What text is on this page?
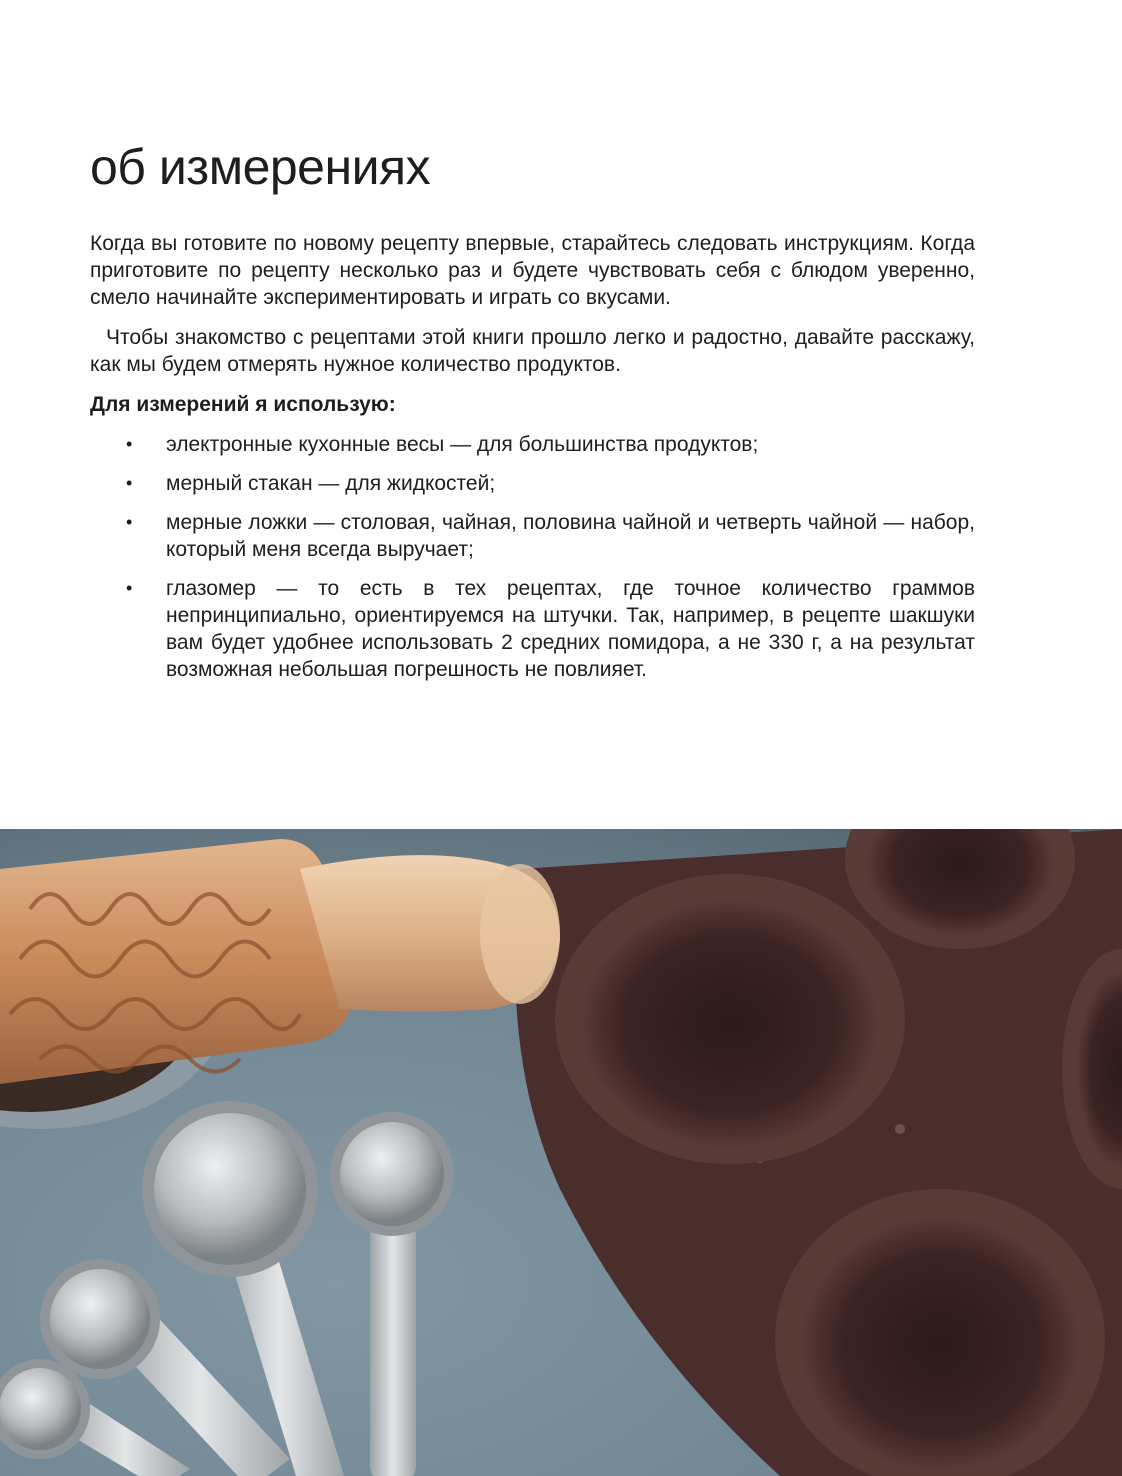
об измерениях

Когда вы готовите по новому рецепту впервые, старайтесь следовать инструкциям. Когда приготовите по рецепту несколько раз и будете чувствовать себя с блюдом уверенно, смело начинайте экспериментировать и играть со вкусами.

Чтобы знакомство с рецептами этой книги прошло легко и радостно, давайте расскажу, как мы будем отмерять нужное количество продуктов.

Для измерений я использую:

• электронные кухонные весы — для большинства продуктов;
• мерный стакан — для жидкостей;
• мерные ложки — столовая, чайная, половина чайной и четверть чайной — набор, который меня всегда выручает;
• глазомер — то есть в тех рецептах, где точное количество граммов непринципиально, ориентируемся на штучки. Так, например, в рецепте шакшуки вам будет удобнее использовать 2 средних помидора, а не 330 г, а на результат возможная небольшая погрешность не повлияет.
